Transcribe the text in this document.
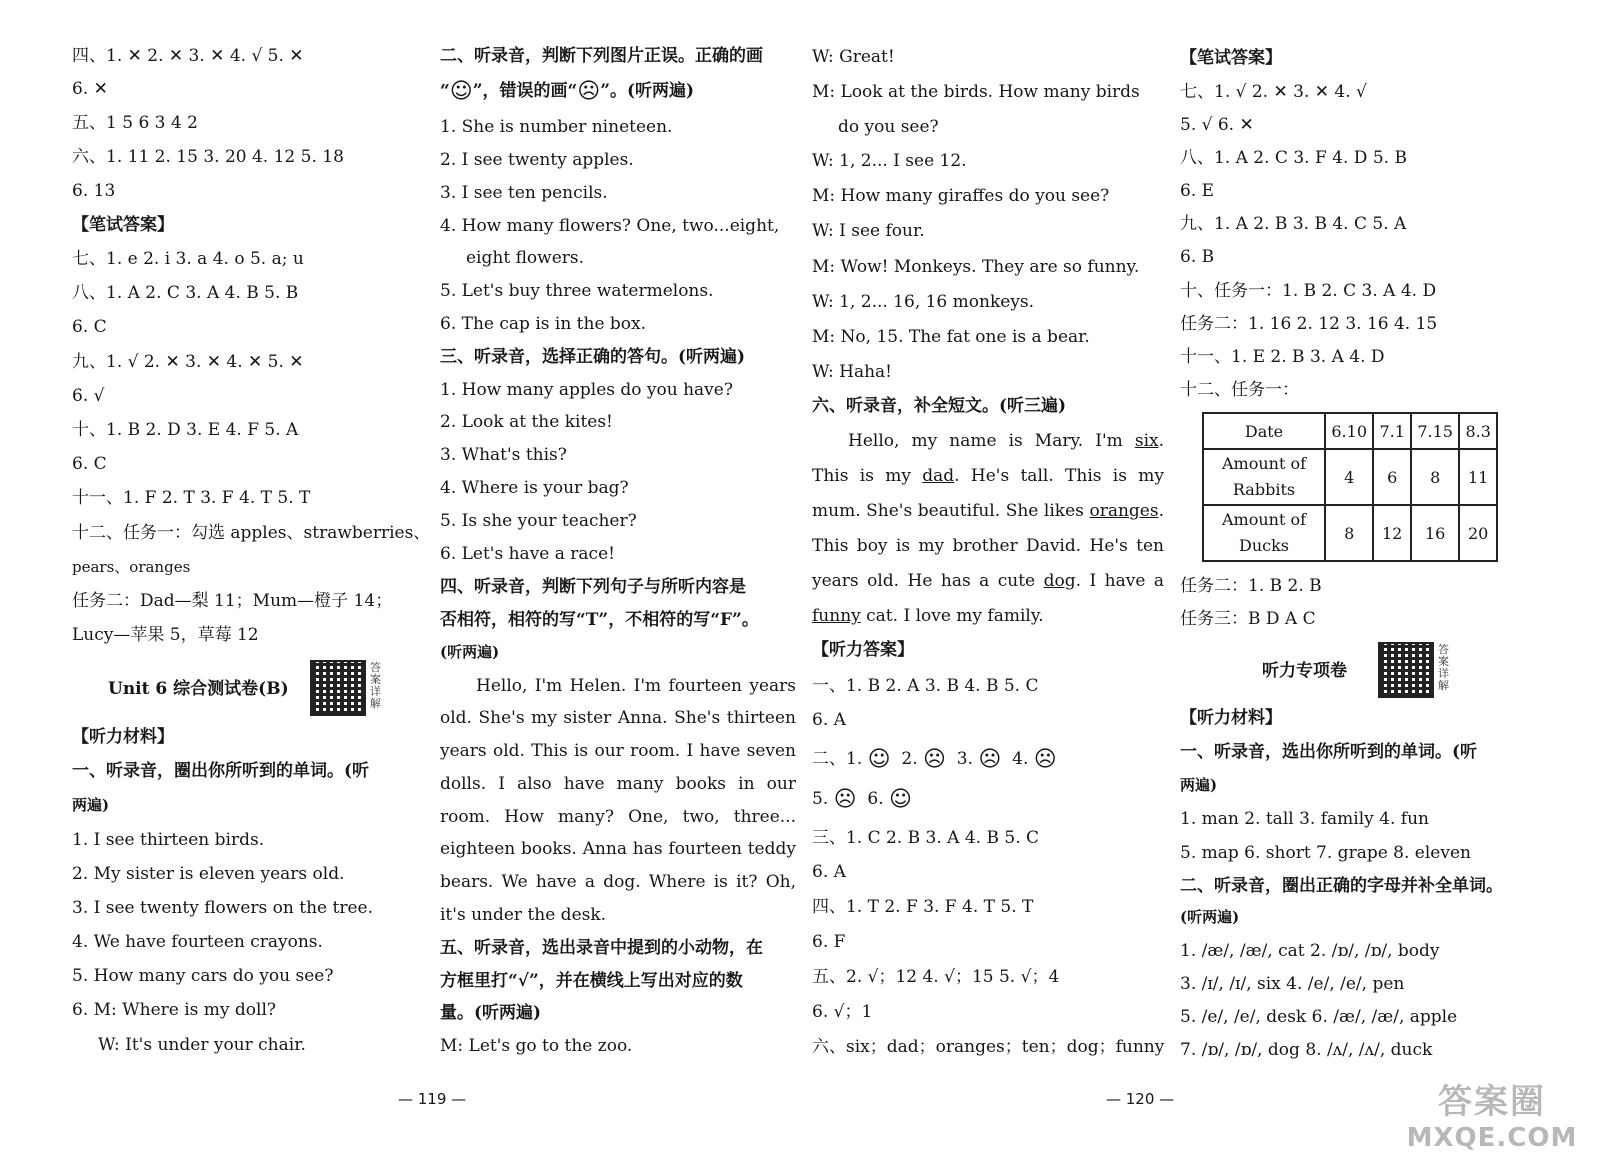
四、1. ✕ 2. ✕ 3. ✕ 4. √ 5. ✕
6. ✕
五、1 5 6 3 4 2
六、1. 11 2. 15 3. 20 4. 12 5. 18
6. 13
【笔试答案】
七、1. e 2. i 3. a 4. o 5. a; u
八、1. A 2. C 3. A 4. B 5. B
6. C
九、1. √ 2. ✕ 3. ✕ 4. ✕ 5. ✕
6. √
十、1. B 2. D 3. E 4. F 5. A
6. C
十一、1. F 2. T 3. F 4. T 5. T
十二、任务一：勾选 apples、strawberries、
pears、oranges
任务二：Dad—梨 11；Mum—橙子 14；
Lucy—苹果 5，草莓 12
Unit 6 综合测试卷(B)
答案详解
【听力材料】
一、听录音，圈出你所听到的单词。(听
两遍)
1. I see thirteen birds.
2. My sister is eleven years old.
3. I see twenty flowers on the tree.
4. We have fourteen crayons.
5. How many cars do you see?
6. M: Where is my doll?
W: It's under your chair.
二、听录音，判断下列图片正误。正确的画
“☺”，错误的画“☹”。(听两遍)
1. She is number nineteen.
2. I see twenty apples.
3. I see ten pencils.
4. How many flowers? One, two...eight,
eight flowers.
5. Let's buy three watermelons.
6. The cap is in the box.
三、听录音，选择正确的答句。(听两遍)
1. How many apples do you have?
2. Look at the kites!
3. What's this?
4. Where is your bag?
5. Is she your teacher?
6. Let's have a race!
四、听录音，判断下列句子与所听内容是
否相符，相符的写“T”，不相符的写“F”。
(听两遍)
Hello, I'm Helen. I'm fourteen years
old. She's my sister Anna. She's thirteen
years old. This is our room. I have seven
dolls. I also have many books in our
room. How many? One, two, three...
eighteen books. Anna has fourteen teddy
bears. We have a dog. Where is it? Oh,
it's under the desk.
五、听录音，选出录音中提到的小动物，在
方框里打“√”，并在横线上写出对应的数
量。(听两遍)
M: Let's go to the zoo.
W: Great!
M: Look at the birds. How many birds
do you see?
W: 1, 2... I see 12.
M: How many giraffes do you see?
W: I see four.
M: Wow! Monkeys. They are so funny.
W: 1, 2... 16, 16 monkeys.
M: No, 15. The fat one is a bear.
W: Haha!
六、听录音，补全短文。(听三遍)
Hello, my name is Mary. I'm six.
This is my dad. He's tall. This is my
mum. She's beautiful. She likes oranges.
This boy is my brother David. He's ten
years old. He has a cute dog. I have a
funny cat. I love my family.
【听力答案】
一、1. B 2. A 3. B 4. B 5. C
6. A
二、1. ☺  2. ☹  3. ☹  4. ☹
5. ☹  6. ☺
三、1. C 2. B 3. A 4. B 5. C
6. A
四、1. T 2. F 3. F 4. T 5. T
6. F
五、2. √；12 4. √；15 5. √；4
6. √；1
六、six；dad；oranges；ten；dog；funny
【笔试答案】
七、1. √ 2. ✕ 3. ✕ 4. √
5. √ 6. ✕
八、1. A 2. C 3. F 4. D 5. B
6. E
九、1. A 2. B 3. B 4. C 5. A
6. B
十、任务一：1. B 2. C 3. A 4. D
任务二：1. 16 2. 12 3. 16 4. 15
十一、1. E 2. B 3. A 4. D
十二、任务一：
Date	6.10	7.1	7.15	8.3

Amount of
Rabbits	4	6	8	11

Amount of
Ducks	8	12	16	20
任务二：1. B 2. B
任务三：B D A C
听力专项卷
答案详解
【听力材料】
一、听录音，选出你所听到的单词。(听
两遍)
1. man 2. tall 3. family 4. fun
5. map 6. short 7. grape 8. eleven
二、听录音，圈出正确的字母并补全单词。
(听两遍)
1. /æ/, /æ/, cat 2. /ɒ/, /ɒ/, body
3. /ɪ/, /ɪ/, six 4. /e/, /e/, pen
5. /e/, /e/, desk 6. /æ/, /æ/, apple
7. /ɒ/, /ɒ/, dog 8. /ʌ/, /ʌ/, duck
— 119 —	— 120 —	答案圈
MXQE.COM
